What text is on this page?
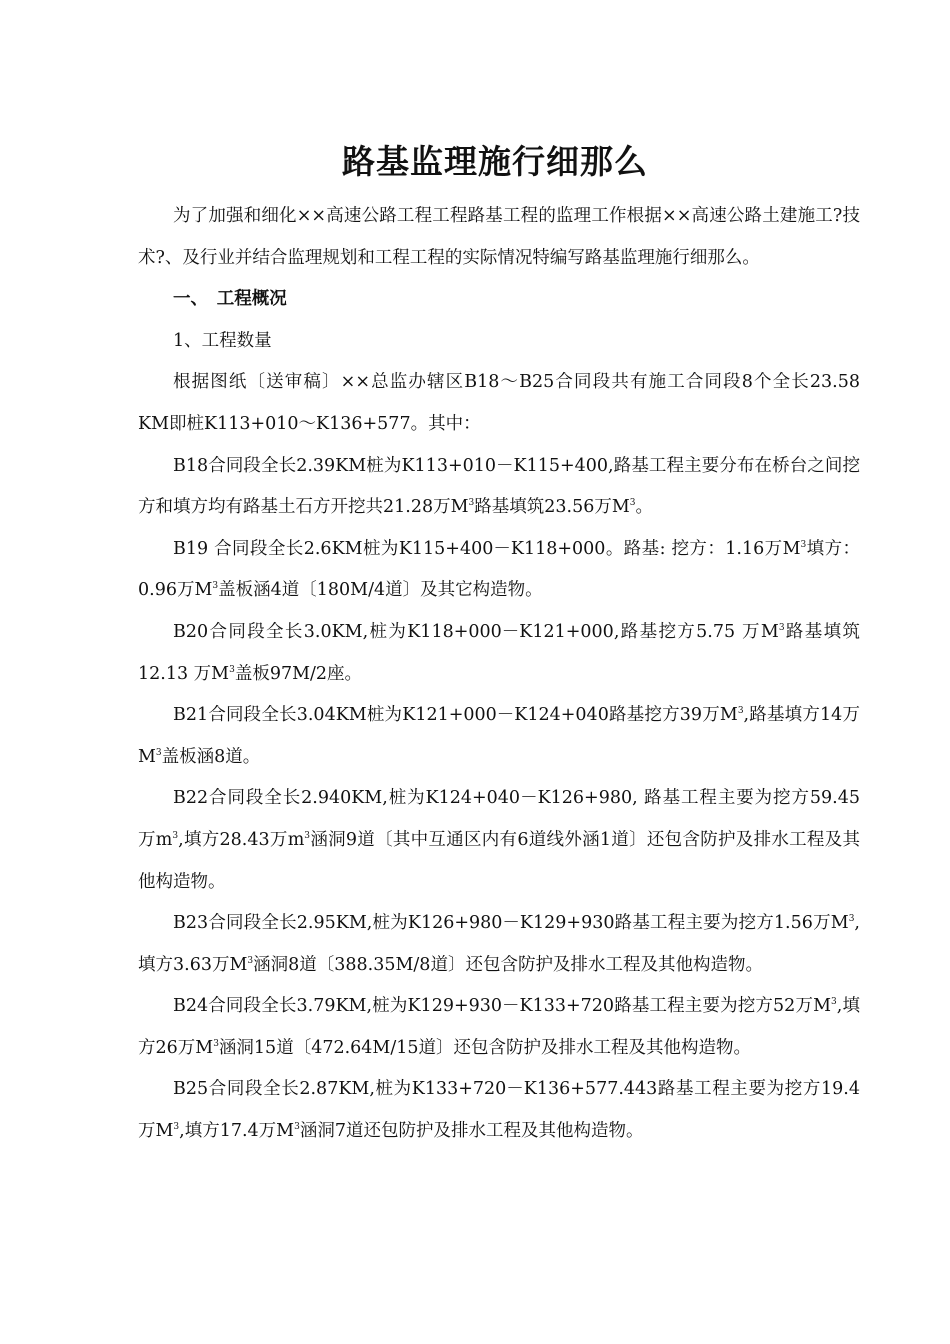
路基监理施行细那么

为了加强和细化××高速公路工程工程路基工程的监理工作根据××高速公路土建施工?技术?、及行业并结合监理规划和工程工程的实际情况特编写路基监理施行细那么。

一、　工程概况

1、工程数量

根据图纸〔送审稿〕××总监办辖区B18～B25合同段共有施工合同段8个全长23.58 KM即桩K113+010～K136+577。其中：

B18合同段全长2.39KM桩为K113+010－K115+400,路基工程主要分布在桥台之间挖方和填方均有路基土石方开挖共21.28万$M^3$路基填筑23.56万$M^3$。

B19 合同段全长2.6KM桩为K115+400－K118+000。路基: 挖方：1.16万$M^3$填方：0.96万$M^3$盖板涵4道〔180M/4道〕及其它构造物。

B20合同段全长3.0KM,桩为K118+000－K121+000,路基挖方5.75 万$M^3$路基填筑12.13 万$M^3$盖板97M/2座。

B21合同段全长3.04KM桩为K121+000－K124+040路基挖方39万$M^3$,路基填方14万$M^3$盖板涵8道。

B22合同段全长2.940KM,桩为K124+040－K126+980, 路基工程主要为挖方59.45万$m^3$,填方28.43万$m^3$涵洞9道〔其中互通区内有6道线外涵1道〕还包含防护及排水工程及其他构造物。

B23合同段全长2.95KM,桩为K126+980－K129+930路基工程主要为挖方1.56万$M^3$,填方3.63万$M^3$涵洞8道〔388.35M/8道〕还包含防护及排水工程及其他构造物。

B24合同段全长3.79KM,桩为K129+930－K133+720路基工程主要为挖方52万$M^3$,填方26万$M^3$涵洞15道〔472.64M/15道〕还包含防护及排水工程及其他构造物。

B25合同段全长2.87KM,桩为K133+720－K136+577.443路基工程主要为挖方19.4万$M^3$,填方17.4万$M^3$涵洞7道还包防护及排水工程及其他构造物。
